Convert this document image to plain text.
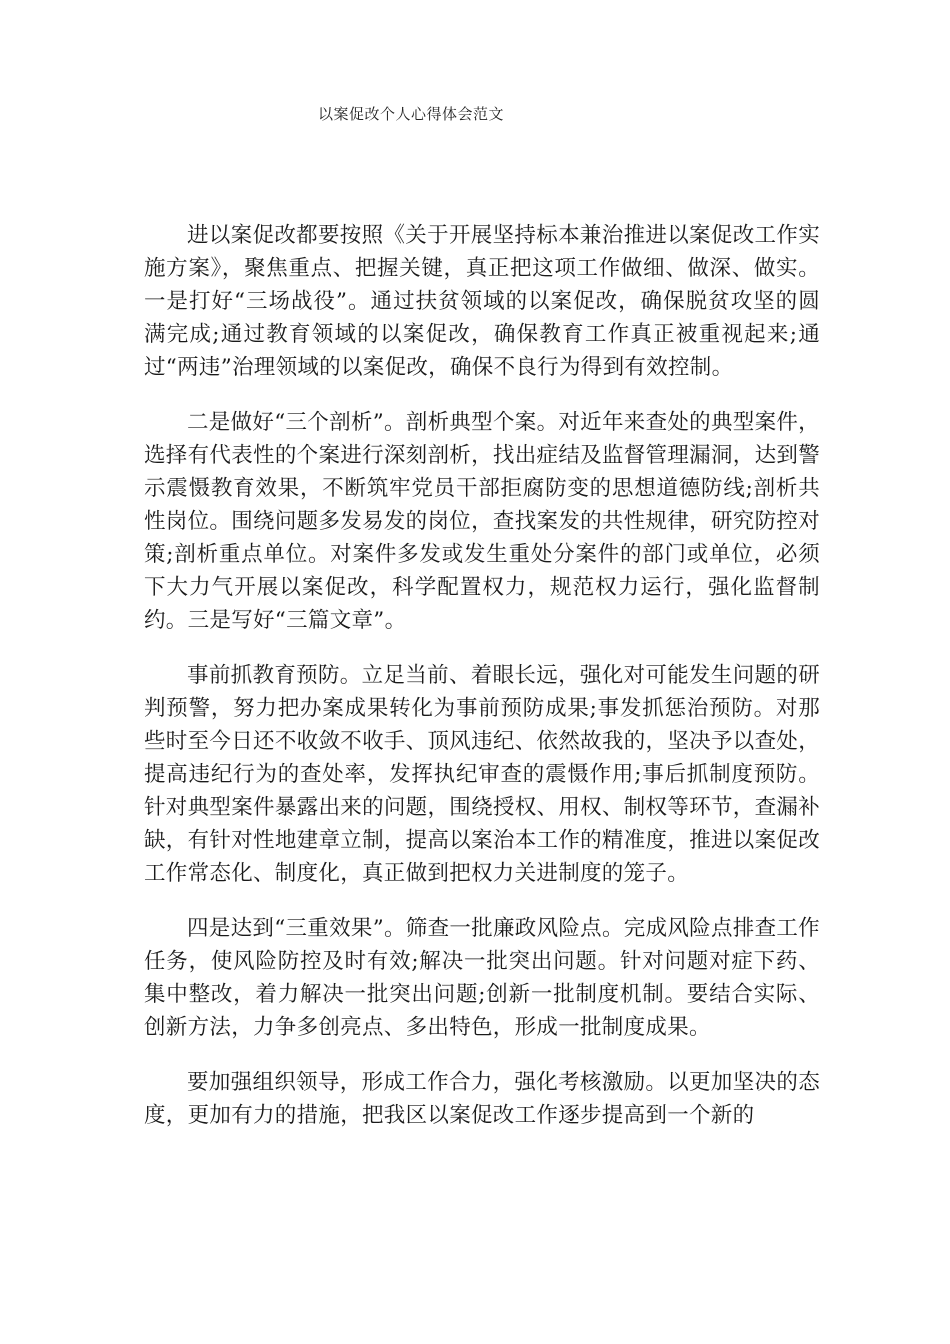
以案促改个人心得体会范文

进以案促改都要按照《关于开展坚持标本兼治推进以案促改工作实施方案》，聚焦重点、把握关键，真正把这项工作做细、做深、做实。一是打好“三场战役”。通过扶贫领域的以案促改，确保脱贫攻坚的圆满完成;通过教育领域的以案促改，确保教育工作真正被重视起来;通过“两违”治理领域的以案促改，确保不良行为得到有效控制。

二是做好“三个剖析”。剖析典型个案。对近年来查处的典型案件，选择有代表性的个案进行深刻剖析，找出症结及监督管理漏洞，达到警示震慑教育效果，不断筑牢党员干部拒腐防变的思想道德防线;剖析共性岗位。围绕问题多发易发的岗位，查找案发的共性规律，研究防控对策;剖析重点单位。对案件多发或发生重处分案件的部门或单位，必须下大力气开展以案促改，科学配置权力，规范权力运行，强化监督制约。三是写好“三篇文章”。

事前抓教育预防。立足当前、着眼长远，强化对可能发生问题的研判预警，努力把办案成果转化为事前预防成果;事发抓惩治预防。对那些时至今日还不收敛不收手、顶风违纪、依然故我的，坚决予以查处，提高违纪行为的查处率，发挥执纪审查的震慑作用;事后抓制度预防。针对典型案件暴露出来的问题，围绕授权、用权、制权等环节，查漏补缺，有针对性地建章立制，提高以案治本工作的精准度，推进以案促改工作常态化、制度化，真正做到把权力关进制度的笼子。

四是达到“三重效果”。筛查一批廉政风险点。完成风险点排查工作任务，使风险防控及时有效;解决一批突出问题。针对问题对症下药、集中整改，着力解决一批突出问题;创新一批制度机制。要结合实际、创新方法，力争多创亮点、多出特色，形成一批制度成果。

要加强组织领导，形成工作合力，强化考核激励。以更加坚决的态度，更加有力的措施，把我区以案促改工作逐步提高到一个新的
